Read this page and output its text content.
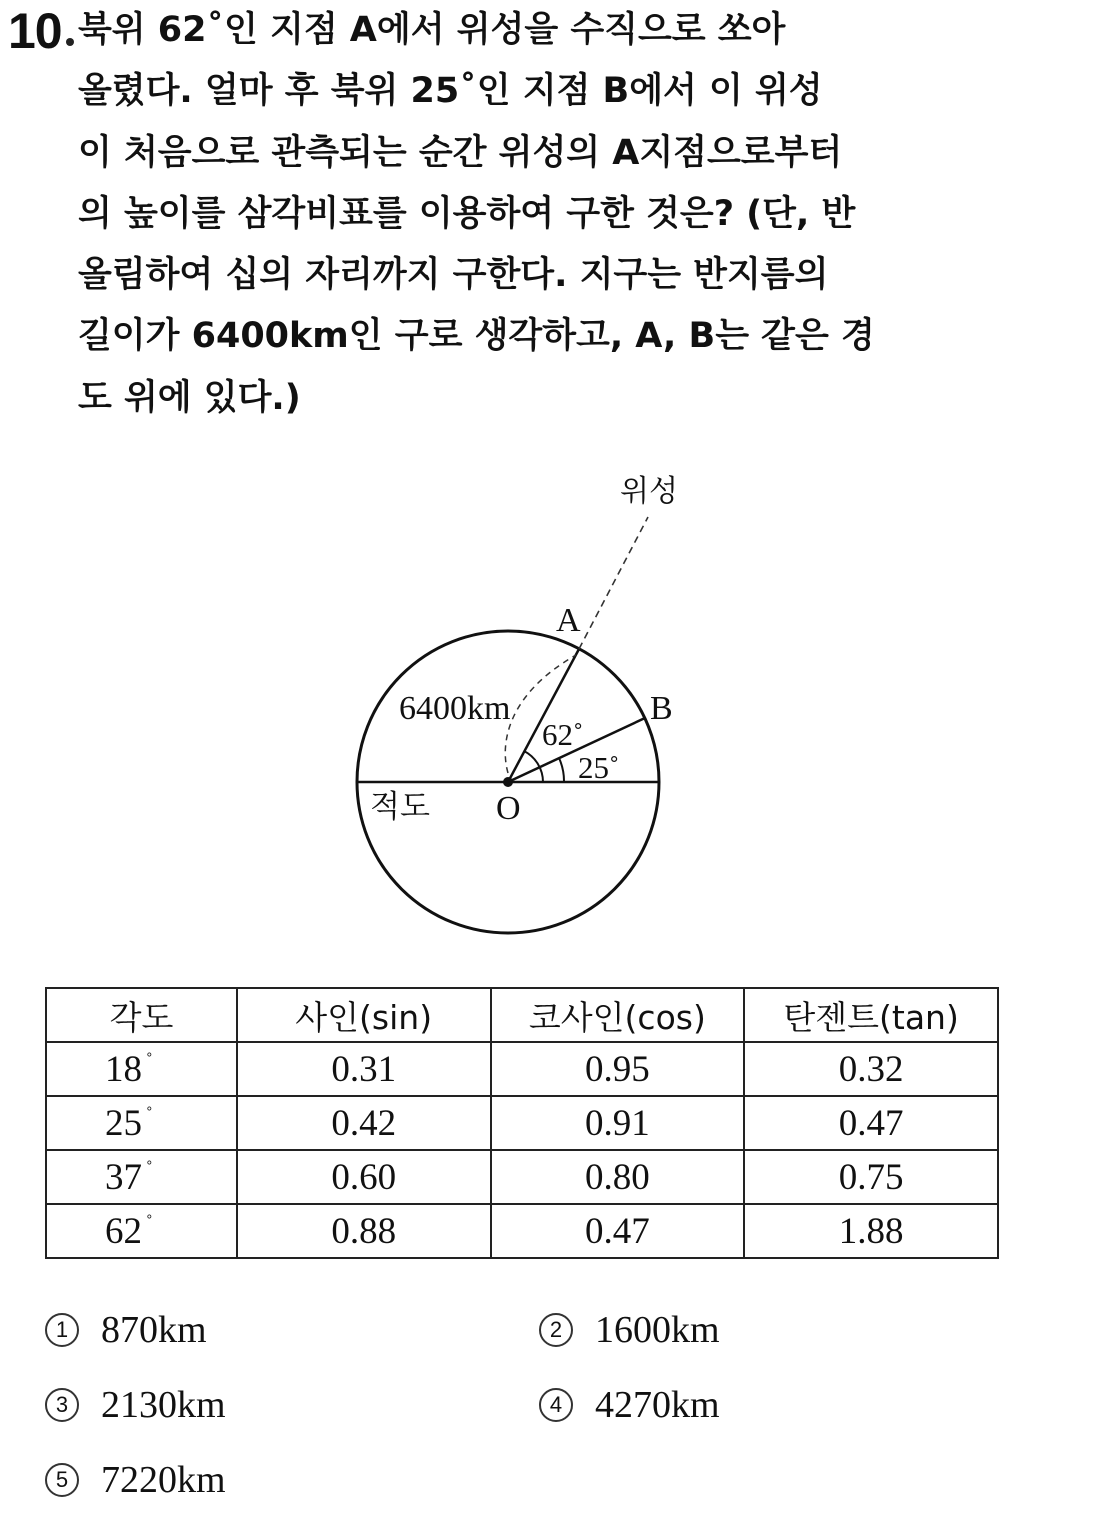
10 북위 62˚인 지점 A에서 위성을 수직으로 쏘아
올렸다. 얼마 후 북위 25˚인 지점 B에서 이 위성
이 처음으로 관측되는 순간 위성의 A지점으로부터
의 높이를 삼각비표를 이용하여 구한 것은? (단, 반
올림하여 십의 자리까지 구한다. 지구는 반지름의
길이가 6400km인 구로 생각하고, A, B는 같은 경
도 위에 있다.)
위성
A
B
O
6400km
62˚
25˚
적도
각도	사인(sin)	코사인(cos)	탄젠트(tan)
18 ˚	0.31	0.95	0.32
25 ˚	0.42	0.91	0.47
37 ˚	0.60	0.80	0.75
62 ˚	0.88	0.47	1.88
1 870km	2 1600km
3 2130km	4 4270km
5 7220km
